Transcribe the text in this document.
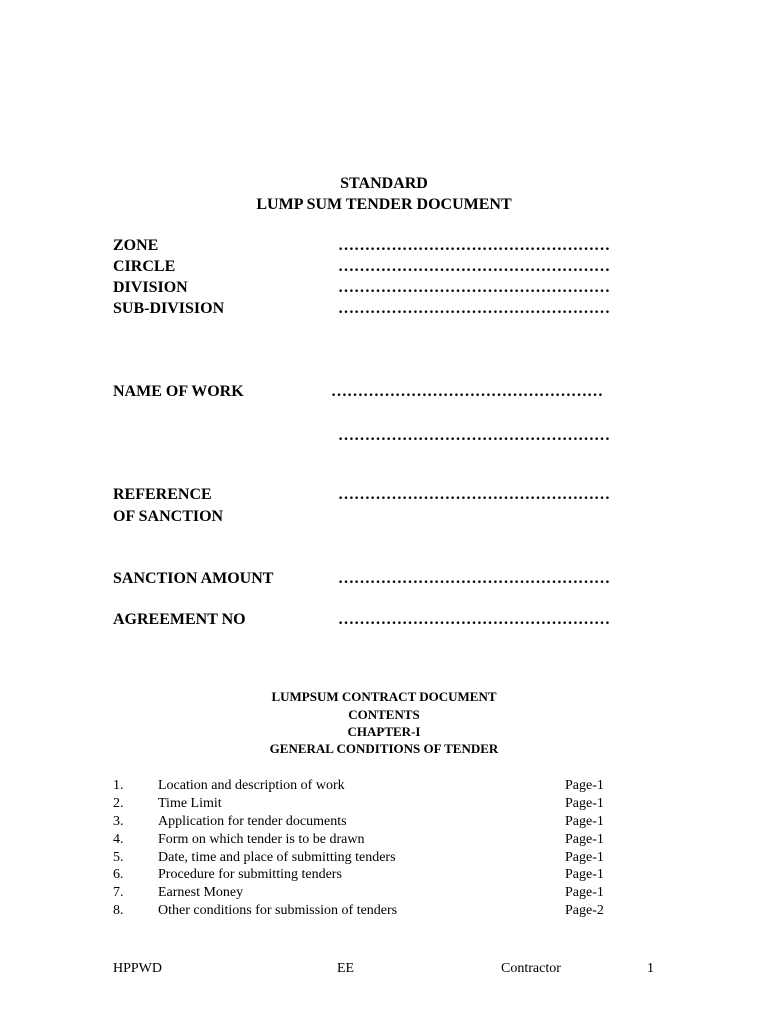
STANDARD
LUMP SUM TENDER DOCUMENT
ZONE	……………………………………………
CIRCLE	……………………………………………
DIVISION	……………………………………………
SUB-DIVISION	……………………………………………
NAME OF WORK	……………………………………………
……………………………………………
REFERENCE
OF SANCTION
……………………………………………
SANCTION AMOUNT	……………………………………………
AGREEMENT NO	……………………………………………
LUMPSUM CONTRACT DOCUMENT
CONTENTS
CHAPTER-I
GENERAL CONDITIONS OF TENDER
1. Location and description of work	Page-1
2. Time Limit	Page-1
3. Application for tender documents	Page-1
4. Form on which tender is to be drawn	Page-1
5. Date, time and place of submitting tenders	Page-1
6. Procedure for submitting tenders	Page-1
7. Earnest Money	Page-1
8. Other conditions for submission of tenders	Page-2
HPPWD	EE	Contractor	1
